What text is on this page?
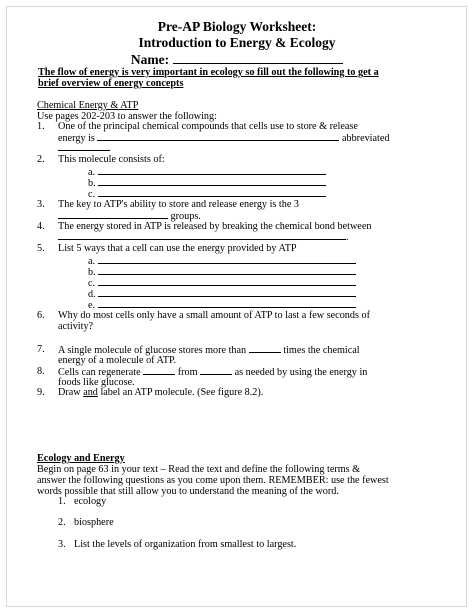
Pre-AP Biology Worksheet:
Introduction to Energy & Ecology
Name:
The flow of energy is very important in ecology so fill out the following to get a
brief overview of energy concepts
Chemical Energy & ATP
Use pages 202-203 to answer the following:
1. One of the principal chemical compounds that cells use to store & release
energy is	abbreviated
2. This molecule consists of:
a.
b.
c.
3. The key to ATP's ability to store and release energy is the 3
groups.
4. The energy stored in ATP is released by breaking the chemical bond between
.
5. List 5 ways that a cell can use the energy provided by ATP
a.
b.
c.
d.
e.
6. Why do most cells only have a small amount of ATP to last a few seconds of
activity?
7. A single molecule of glucose stores more than	times the chemical
energy of a molecule of ATP.
8. Cells can regenerate	from	as needed by using the energy in
foods like glucose.
9. Draw and label an ATP molecule. (See figure 8.2).
Ecology and Energy
Begin on page 63 in your text – Read the text and define the following terms &
answer the following questions as you come upon them. REMEMBER: use the fewest
words possible that still allow you to understand the meaning of the word.
1. ecology
2. biosphere
3. List the levels of organization from smallest to largest.
